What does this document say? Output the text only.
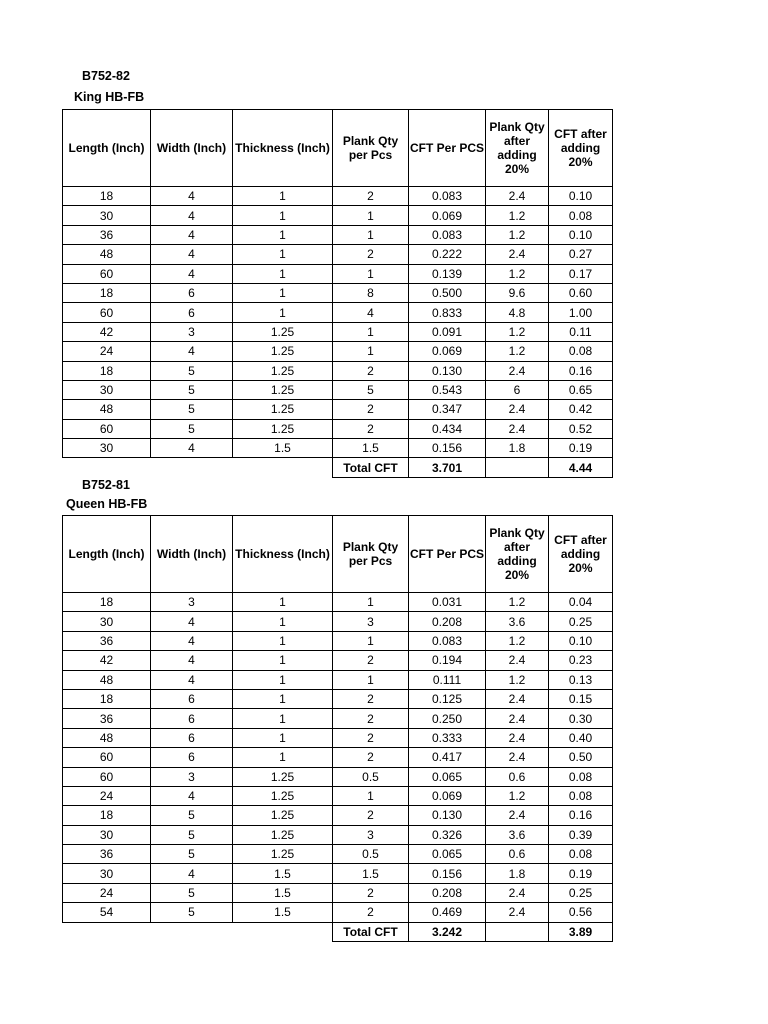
B752-82
King HB-FB
Length (Inch)	Width (Inch)	Thickness (Inch)	Plank Qty per Pcs	CFT Per PCS	Plank Qty after adding 20%	CFT after adding 20%
18	4	1	2	0.083	2.4	0.10
30	4	1	1	0.069	1.2	0.08
36	4	1	1	0.083	1.2	0.10
48	4	1	2	0.222	2.4	0.27
60	4	1	1	0.139	1.2	0.17
18	6	1	8	0.500	9.6	0.60
60	6	1	4	0.833	4.8	1.00
42	3	1.25	1	0.091	1.2	0.11
24	4	1.25	1	0.069	1.2	0.08
18	5	1.25	2	0.130	2.4	0.16
30	5	1.25	5	0.543	6	0.65
48	5	1.25	2	0.347	2.4	0.42
60	5	1.25	2	0.434	2.4	0.52
30	4	1.5	1.5	0.156	1.8	0.19
			Total CFT	3.701		4.44
B752-81
Queen HB-FB
Length (Inch)	Width (Inch)	Thickness (Inch)	Plank Qty per Pcs	CFT Per PCS	Plank Qty after adding 20%	CFT after adding 20%
18	3	1	1	0.031	1.2	0.04
30	4	1	3	0.208	3.6	0.25
36	4	1	1	0.083	1.2	0.10
42	4	1	2	0.194	2.4	0.23
48	4	1	1	0.111	1.2	0.13
18	6	1	2	0.125	2.4	0.15
36	6	1	2	0.250	2.4	0.30
48	6	1	2	0.333	2.4	0.40
60	6	1	2	0.417	2.4	0.50
60	3	1.25	0.5	0.065	0.6	0.08
24	4	1.25	1	0.069	1.2	0.08
18	5	1.25	2	0.130	2.4	0.16
30	5	1.25	3	0.326	3.6	0.39
36	5	1.25	0.5	0.065	0.6	0.08
30	4	1.5	1.5	0.156	1.8	0.19
24	5	1.5	2	0.208	2.4	0.25
54	5	1.5	2	0.469	2.4	0.56
			Total CFT	3.242		3.89
